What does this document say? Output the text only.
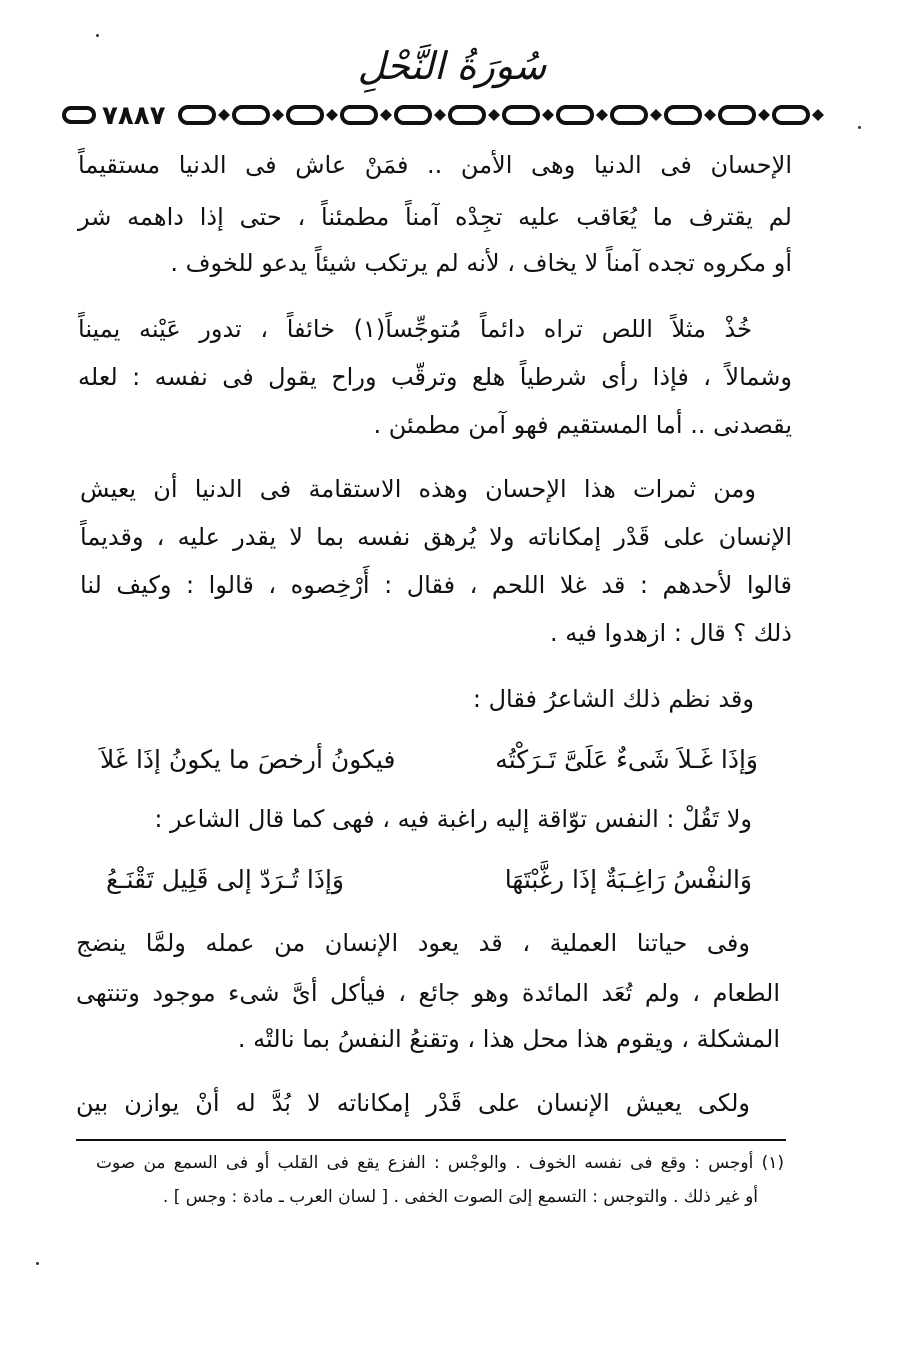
سُورَةُ النَّحْلِ
٧٨٨٧
الإحسان فى الدنيا وهى الأمن .. فمَنْ عاش فى الدنيا مستقيماً
لم يقترف ما يُعَاقب عليه تجِدْه آمناً مطمئناً ، حتى إذا داهمه شر
أو مكروه تجده آمناً لا يخاف ، لأنه لم يرتكب شيئاً يدعو للخوف .
خُذْ مثلاً اللص تراه دائماً مُتوجِّساً(١) خائفاً ، تدور عَيْنه يميناً
وشمالاً ، فإذا رأى شرطياً هلع وترقّب وراح يقول فى نفسه : لعله
يقصدنى .. أما المستقيم فهو آمن مطمئن .
ومن ثمرات هذا الإحسان وهذه الاستقامة فى الدنيا أن يعيش
الإنسان على قَدْر إمكاناته ولا يُرهق نفسه بما لا يقدر عليه ، وقديماً
قالوا لأحدهم : قد غلا اللحم ، فقال : أَرْخِصوه ، قالوا : وكيف لنا
ذلك ؟ قال : ازهدوا فيه .
وقد نظم ذلك الشاعرُ فقال :
وَإذَا غَـلاَ شَىءٌ عَلَىَّ تَـرَكْتُه
فيكونُ أرخصَ ما يكونُ إذَا غَلاَ
ولا تَقُلْ : النفس توّاقة إليه راغبة فيه ، فهى كما قال الشاعر :
وَالنفْسُ رَاغِـبَةٌ إذَا رغَّبْتَهَا
وَإذَا تُـرَدّ إلى قَلِيل تَقْنَـعُ
وفى حياتنا العملية ، قد يعود الإنسان من عمله ولمَّا ينضج
الطعام ، ولم تُعَد المائدة وهو جائع ، فيأكل أىَّ شىء موجود وتنتهى
المشكلة ، ويقوم هذا محل هذا ، وتقنعُ النفسُ بما نالتْه .
ولكى يعيش الإنسان على قَدْر إمكاناته لا بُدَّ له أنْ يوازن بين
(١) أوجس : وقع فى نفسه الخوف . والوجْس : الفزع يقع فى القلب أو فى السمع من صوت
أو غير ذلك . والتوجس : التسمع إلىَ الصوت الخفى . [ لسان العرب ـ مادة : وجس ] .
